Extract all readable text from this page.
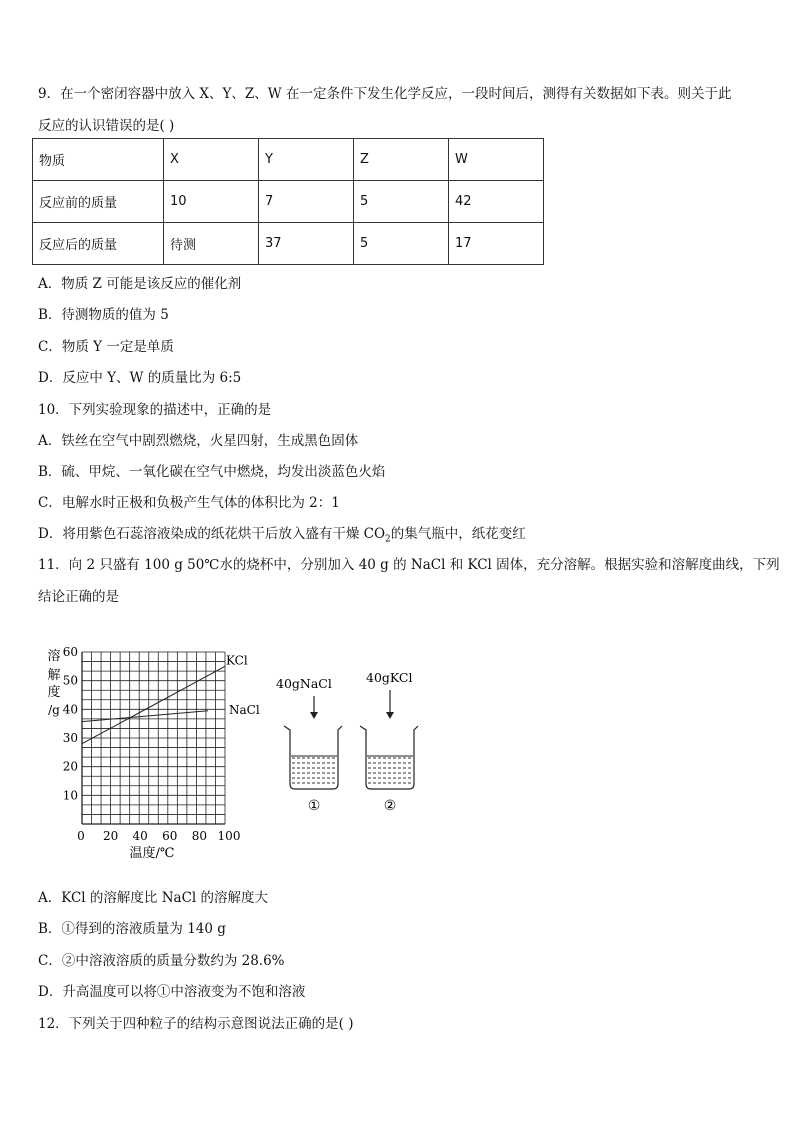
9．在一个密闭容器中放入 X、Y、Z、W 在一定条件下发生化学反应，一段时间后，测得有关数据如下表。则关于此
反应的认识错误的是( )
物质	X	Y	Z	W
反应前的质量	10	7	5	42
反应后的质量	待测	37	5	17
A．物质 Z 可能是该反应的催化剂
B．待测物质的值为 5
C．物质 Y 一定是单质
D．反应中 Y、W 的质量比为 6:5
10．下列实验现象的描述中，正确的是
A．铁丝在空气中剧烈燃烧，火星四射，生成黑色固体
B．硫、甲烷、一氧化碳在空气中燃烧，均发出淡蓝色火焰
C．电解水时正极和负极产生气体的体积比为 2：1
D．将用紫色石蕊溶液染成的纸花烘干后放入盛有干燥 $CO_2$的集气瓶中，纸花变红
11．向 2 只盛有 100 g 50℃水的烧杯中，分别加入 40 g 的 NaCl 和 KCl 固体，充分溶解。根据实验和溶解度曲线，下列
结论正确的是
溶
解
度
/g
60
50
40
30
20
10
0 20 40 60 80 100
温度/℃
KCl
NaCl
40gNaCl
①
40gKCl
②
A．KCl 的溶解度比 NaCl 的溶解度大
B．①得到的溶液质量为 140 g
C．②中溶液溶质的质量分数约为 28.6%
D．升高温度可以将①中溶液变为不饱和溶液
12．下列关于四种粒子的结构示意图说法正确的是( )
